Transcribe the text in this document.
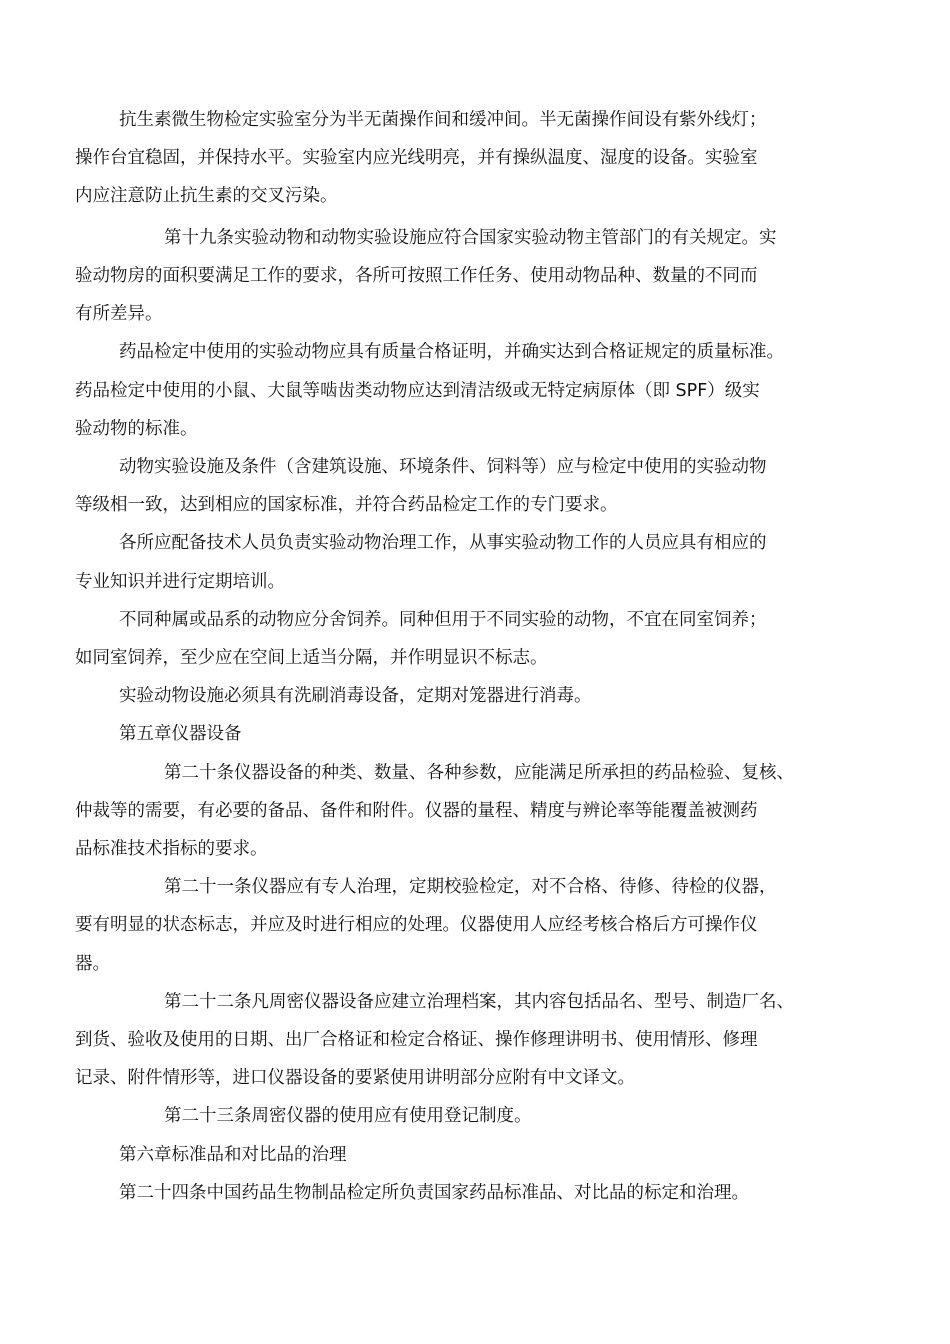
抗生素微生物检定实验室分为半无菌操作间和缓冲间。半无菌操作间设有紫外线灯；
操作台宜稳固，并保持水平。实验室内应光线明亮，并有操纵温度、湿度的设备。实验室
内应注意防止抗生素的交叉污染。
第十九条实验动物和动物实验设施应符合国家实验动物主管部门的有关规定。实
验动物房的面积要满足工作的要求，各所可按照工作任务、使用动物品种、数量的不同而
有所差异。
药品检定中使用的实验动物应具有质量合格证明，并确实达到合格证规定的质量标准。
药品检定中使用的小鼠、大鼠等啮齿类动物应达到清洁级或无特定病原体（即 SPF）级实
验动物的标准。
动物实验设施及条件（含建筑设施、环境条件、饲料等）应与检定中使用的实验动物
等级相一致，达到相应的国家标准，并符合药品检定工作的专门要求。
各所应配备技术人员负责实验动物治理工作，从事实验动物工作的人员应具有相应的
专业知识并进行定期培训。
不同种属或品系的动物应分舍饲养。同种但用于不同实验的动物，不宜在同室饲养；
如同室饲养，至少应在空间上适当分隔，并作明显识不标志。
实验动物设施必须具有洗刷消毒设备，定期对笼器进行消毒。
第五章仪器设备
第二十条仪器设备的种类、数量、各种参数，应能满足所承担的药品检验、复核、
仲裁等的需要，有必要的备品、备件和附件。仪器的量程、精度与辨论率等能覆盖被测药
品标准技术指标的要求。
第二十一条仪器应有专人治理，定期校验检定，对不合格、待修、待检的仪器，
要有明显的状态标志，并应及时进行相应的处理。仪器使用人应经考核合格后方可操作仪
器。
第二十二条凡周密仪器设备应建立治理档案，其内容包括品名、型号、制造厂名、
到货、验收及使用的日期、出厂合格证和检定合格证、操作修理讲明书、使用情形、修理
记录、附件情形等，进口仪器设备的要紧使用讲明部分应附有中文译文。
第二十三条周密仪器的使用应有使用登记制度。
第六章标准品和对比品的治理
第二十四条中国药品生物制品检定所负责国家药品标准品、对比品的标定和治理。
